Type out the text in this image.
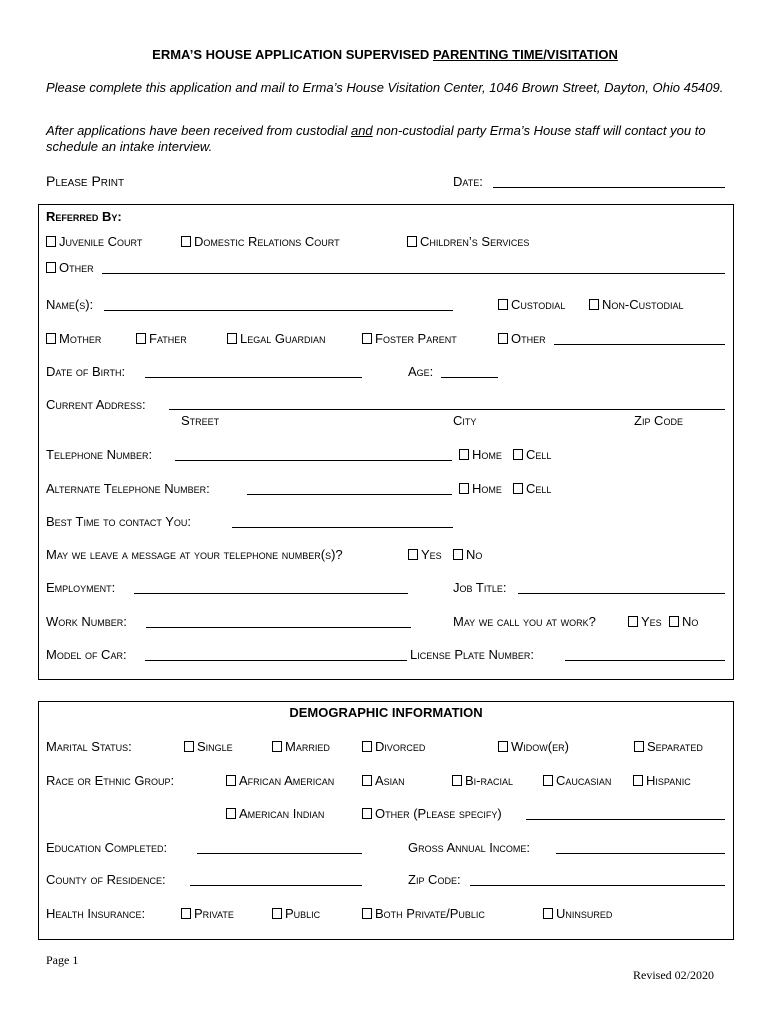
ERMA’S HOUSE APPLICATION SUPERVISED PARENTING TIME/VISITATION
Please complete this application and mail to Erma’s House Visitation Center, 1046 Brown Street, Dayton, Ohio 45409.
After applications have been received from custodial and non-custodial party Erma’s House staff will contact you to schedule an intake interview.
Please Print	Date:
Referred By:
Juvenile Court	Domestic Relations Court	Children’s Services
Other
Name(s):	Custodial	Non-Custodial
Mother	Father	Legal Guardian	Foster Parent	Other
Date of Birth:	Age:
Current Address:
Street	City	Zip Code
Telephone Number:	Home	Cell
Alternate Telephone Number:	Home	Cell
Best Time to contact You:
May we leave a message at your telephone number(s)?	Yes	No
Employment:	Job Title:
Work Number:	May we call you at work?	Yes	No
Model of Car:	License Plate Number:
DEMOGRAPHIC INFORMATION
Marital Status:	Single	Married	Divorced	Widow(er)	Separated
Race or Ethnic Group:	African American	Asian	Bi-racial	Caucasian	Hispanic
American Indian	Other (Please specify)
Education Completed:	Gross Annual Income:
County of Residence:	Zip Code:
Health Insurance:	Private	Public	Both Private/Public	Uninsured
Page 1
Revised 02/2020
